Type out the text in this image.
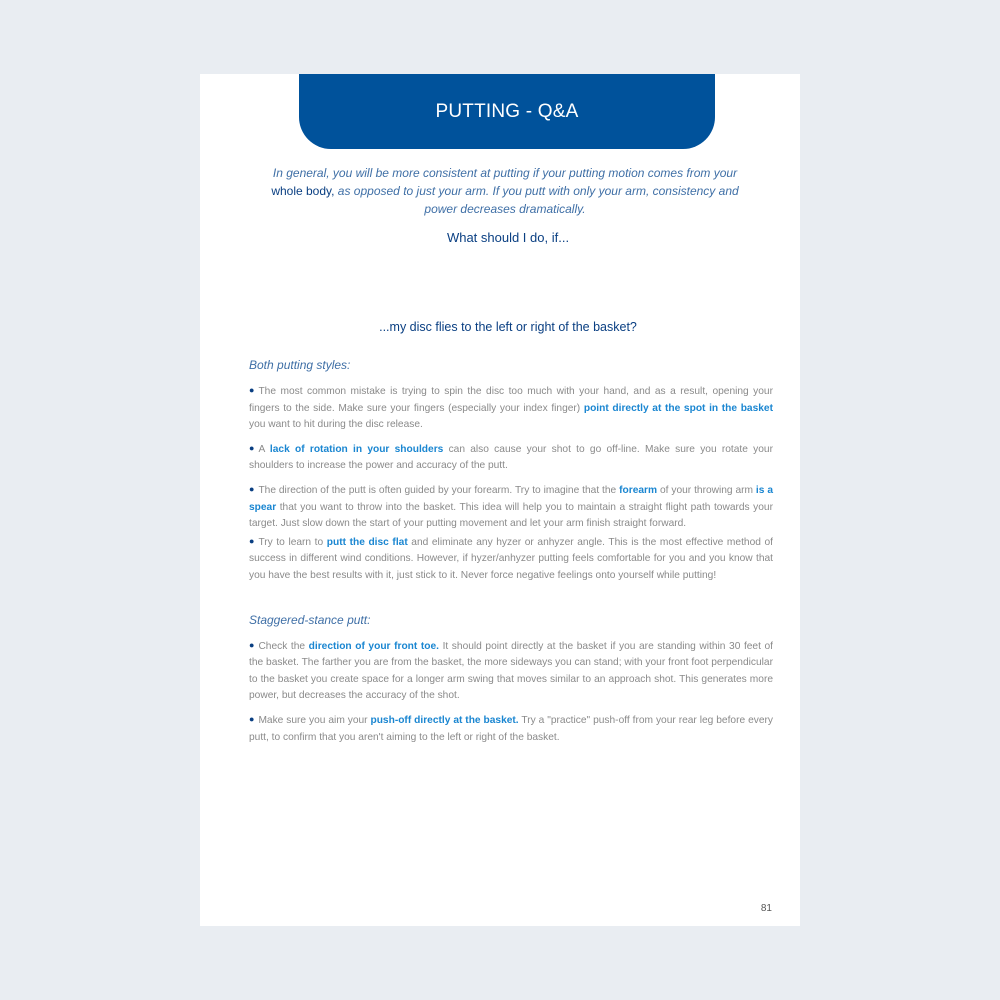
PUTTING - Q&A
In general, you will be more consistent at putting if your putting motion comes from your whole body, as opposed to just your arm. If you putt with only your arm, consistency and power decreases dramatically.
What should I do, if...
...my disc flies to the left or right of the basket?

Both putting styles:

● The most common mistake is trying to spin the disc too much with your hand, and as a result, opening your fingers to the side. Make sure your fingers (especially your index finger) point directly at the spot in the basket you want to hit during the disc release.

● A lack of rotation in your shoulders can also cause your shot to go off-line. Make sure you rotate your shoulders to increase the power and accuracy of the putt.

● The direction of the putt is often guided by your forearm. Try to imagine that the forearm of your throwing arm is a spear that you want to throw into the basket. This idea will help you to maintain a straight flight path towards your target. Just slow down the start of your putting movement and let your arm finish straight forward.

● Try to learn to putt the disc flat and eliminate any hyzer or anhyzer angle. This is the most effective method of success in different wind conditions. However, if hyzer/anhyzer putting feels comfortable for you and you know that you have the best results with it, just stick to it. Never force negative feelings onto yourself while putting!

Staggered-stance putt:

● Check the direction of your front toe. It should point directly at the basket if you are standing within 30 feet of the basket. The farther you are from the basket, the more sideways you can stand; with your front foot perpendicular to the basket you create space for a longer arm swing that moves similar to an approach shot. This generates more power, but decreases the accuracy of the shot.

● Make sure you aim your push-off directly at the basket. Try a "practice" push-off from your rear leg before every putt, to confirm that you aren't aiming to the left or right of the basket.

81
